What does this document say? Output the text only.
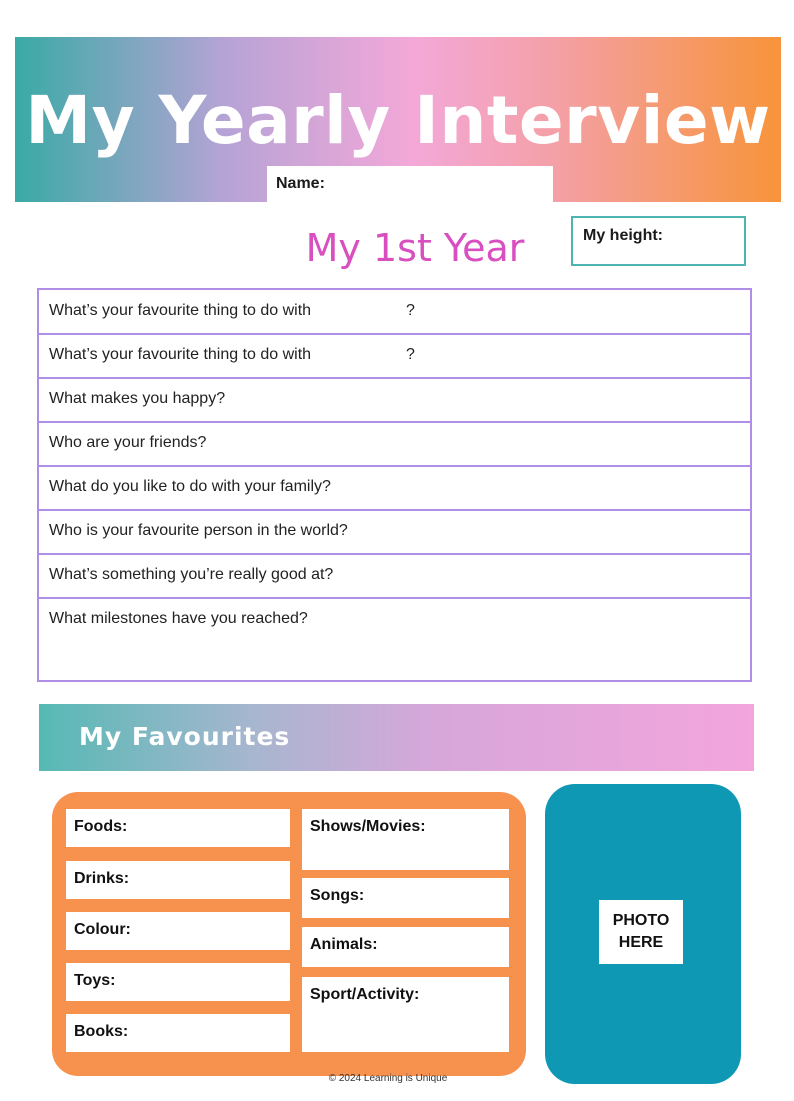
My Yearly Interview
Name:
My height:
My 1st Year
What’s your favourite thing to do with	?
What’s your favourite thing to do with	?
What makes you happy?
Who are your friends?
What do you like to do with your family?
Who is your favourite person in the world?
What’s something you’re really good at?
What milestones have you reached?
My Favourites
Foods:
Drinks:
Colour:
Toys:
Books:
Shows/Movies:
Songs:
Animals:
Sport/Activity:
PHOTO
HERE
© 2024 Learning is Unique
